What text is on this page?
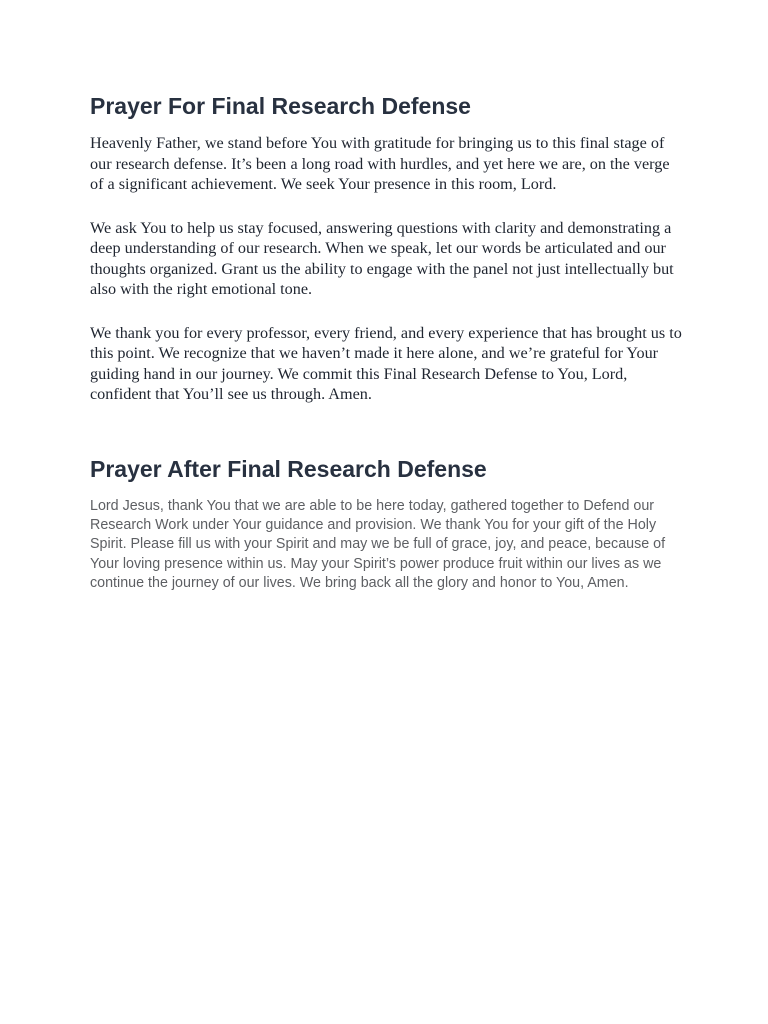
Prayer For Final Research Defense

Heavenly Father, we stand before You with gratitude for bringing us to this final stage of our research defense. It’s been a long road with hurdles, and yet here we are, on the verge of a significant achievement. We seek Your presence in this room, Lord.

We ask You to help us stay focused, answering questions with clarity and demonstrating a deep understanding of our research. When we speak, let our words be articulated and our thoughts organized. Grant us the ability to engage with the panel not just intellectually but also with the right emotional tone.

We thank you for every professor, every friend, and every experience that has brought us to this point. We recognize that we haven’t made it here alone, and we’re grateful for Your guiding hand in our journey. We commit this Final Research Defense to You, Lord, confident that You’ll see us through. Amen.

Prayer After Final Research Defense

Lord Jesus, thank You that we are able to be here today, gathered together to Defend our Research Work under Your guidance and provision. We thank You for your gift of the Holy Spirit. Please fill us with your Spirit and may we be full of grace, joy, and peace, because of Your loving presence within us. May your Spirit’s power produce fruit within our lives as we continue the journey of our lives. We bring back all the glory and honor to You, Amen.
